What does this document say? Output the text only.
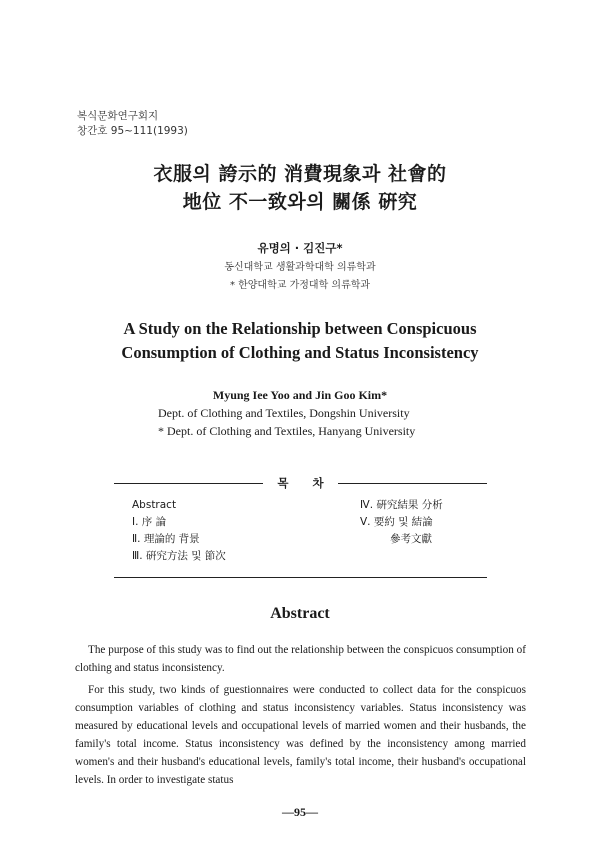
복식문화연구회지
창간호 95~111(1993)
衣服의 誇示的 消費現象과 社會的
地位 不一致와의 關係 硏究
유명의 · 김진구*
동신대학교 생활과학대학 의류학과
* 한양대학교 가정대학 의류학과
A Study on the Relationship between Conspicuous
Consumption of Clothing and Status Inconsistency
Myung Iee Yoo and Jin Goo Kim*
Dept. of Clothing and Textiles, Dongshin University
* Dept. of Clothing and Textiles, Hanyang University
목 차
Abstract
Ⅰ. 序 論
Ⅱ. 理論的 背景
Ⅲ. 硏究方法 및 節次
Ⅳ. 硏究結果 分析
Ⅴ. 要約 및 結論
參考文獻
Abstract

The purpose of this study was to find out the relationship between the conspicuos consumption of clothing and status inconsistency.

For this study, two kinds of guestionnaires were conducted to collect data for the conspicuos consumption variables of clothing and status inconsistency variables. Status inconsistency was measured by educational levels and occupational levels of married women and their husbands, the family's total income. Status inconsistency was defined by the inconsistency among married women's and their husband's educational levels, family's total income, their husband's occupational levels. In order to investigate status

—95—
